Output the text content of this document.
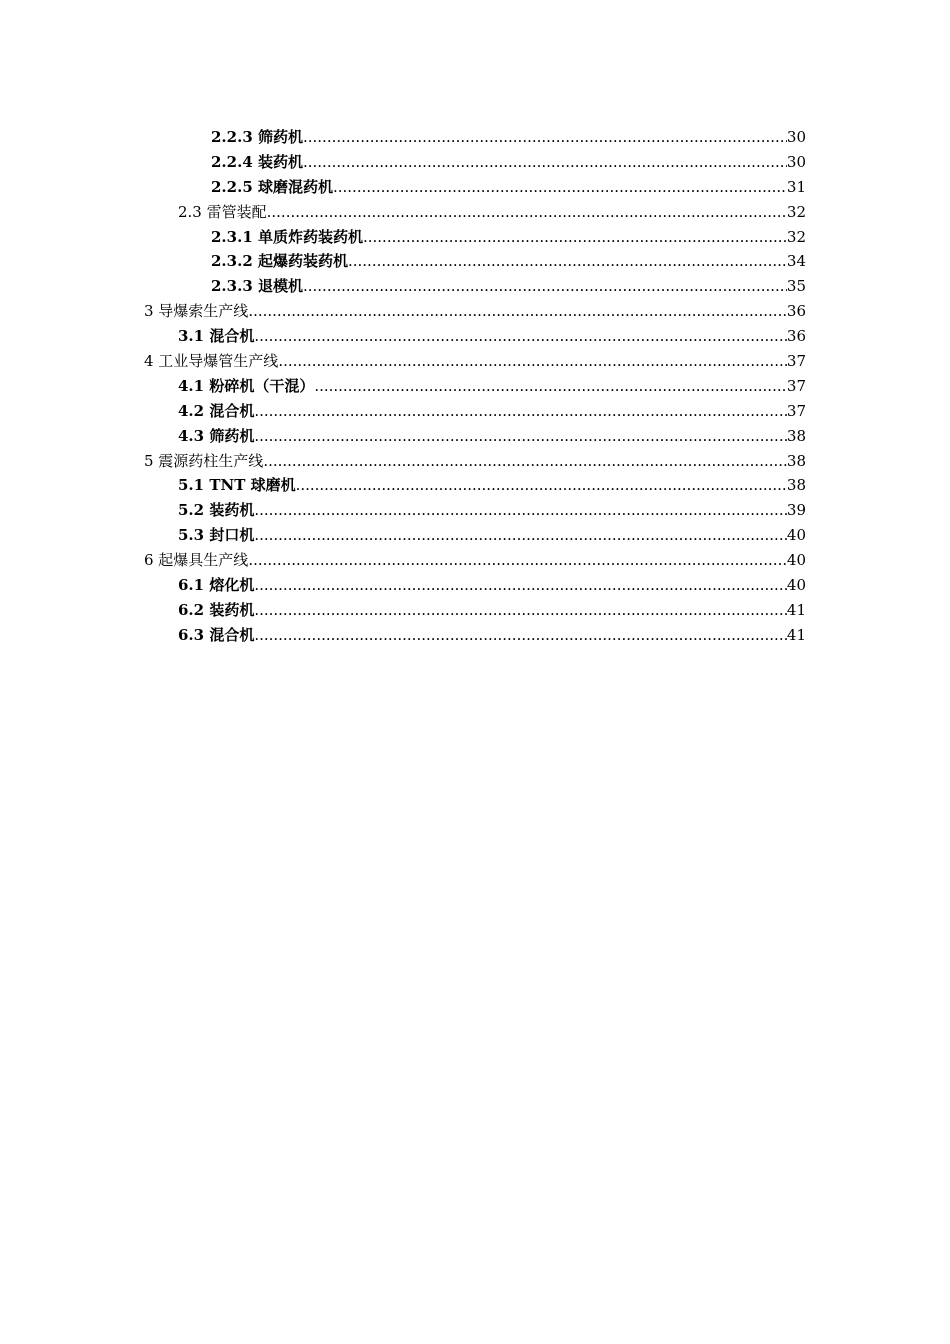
2.2.3 筛药机 .....	30
2.2.4 装药机 .....	30
2.2.5 球磨混药机 .....	31
2.3 雷管装配 .....	32
2.3.1 单质炸药装药机 .....	32
2.3.2 起爆药装药机 .....	34
2.3.3 退模机 .....	35
3 导爆索生产线 .....	36
3.1 混合机 .....	36
4 工业导爆管生产线 .....	37
4.1 粉碎机（干混） .....	37
4.2 混合机 .....	37
4.3 筛药机 .....	38
5 震源药柱生产线 .....	38
5.1 TNT 球磨机 .....	38
5.2 装药机 .....	39
5.3 封口机 .....	40
6 起爆具生产线 .....	40
6.1 熔化机 .....	40
6.2 装药机 .....	41
6.3 混合机 .....	41
